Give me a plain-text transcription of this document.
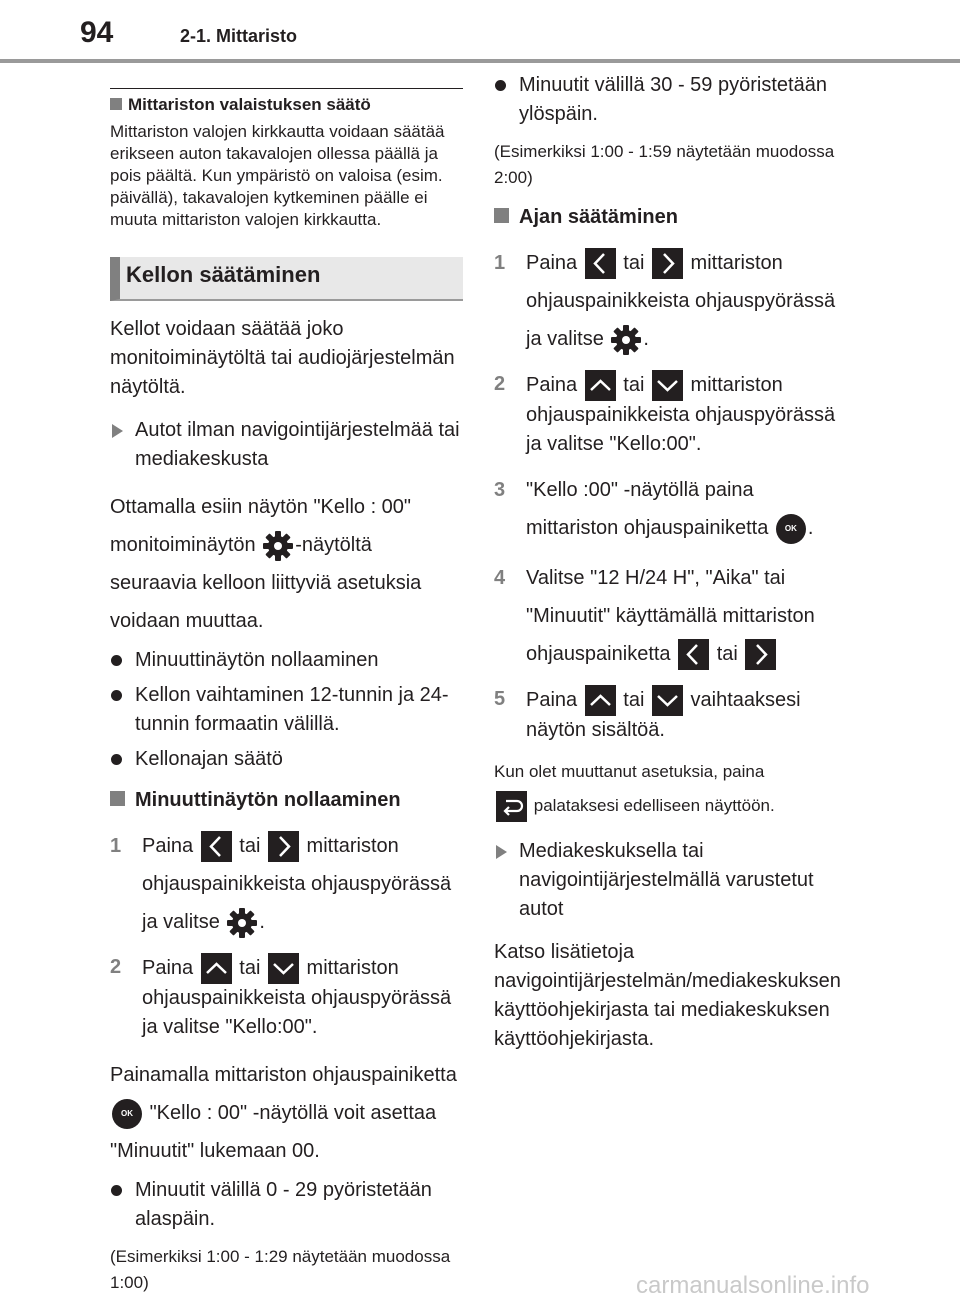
94	2-1. Mittaristo
Mittariston valaistuksen säätö

Mittariston valojen kirkkautta voidaan säätää erikseen auton takavalojen ollessa päällä ja pois päältä. Kun ympäristö on valoisa (esim. päivällä), takavalojen kytkeminen päälle ei muuta mittariston valojen kirkkautta.

Kellon säätäminen

Kellot voidaan säätää joko monitoiminäytöltä tai audiojärjestelmän näytöltä.

Autot ilman navigointijärjestelmää tai mediakeskusta

Ottamalla esiin näytön "Kello : 00" monitoiminäytön -näytöltä seuraavia kelloon liittyviä asetuksia voidaan muuttaa.

Minuuttinäytön nollaaminen
Kellon vaihtaminen 12-tunnin ja 24-tunnin formaatin välillä.
Kellonajan säätö
Minuuttinäytön nollaaminen
1 Paina tai mittariston ohjauspainikkeista ohjauspyörässä ja valitse .
2 Paina tai mittariston ohjauspainikkeista ohjauspyörässä ja valitse "Kello:00".

Painamalla mittariston ohjauspainiketta OK "Kello : 00" -näytöllä voit asettaa "Minuutit" lukemaan 00.

Minuutit välillä 0 - 29 pyöristetään alaspäin.
(Esimerkiksi 1:00 - 1:29 näytetään muodossa 1:00)
Minuutit välillä 30 - 59 pyöristetään ylöspäin.
(Esimerkiksi 1:00 - 1:59 näytetään muodossa 2:00)
Ajan säätäminen
1 Paina tai mittariston ohjauspainikkeista ohjauspyörässä ja valitse .
2 Paina tai mittariston ohjauspainikkeista ohjauspyörässä ja valitse "Kello:00".
3 "Kello :00" -näytöllä paina mittariston ohjauspainiketta OK .
4 Valitse "12 H/24 H", "Aika" tai "Minuutit" käyttämällä mittariston ohjauspainiketta tai
5 Paina tai vaihtaaksesi näytön sisältöä.
Kun olet muuttanut asetuksia, paina

palataksesi edelliseen näyttöön.
Mediakeskuksella tai navigointijärjestelmällä varustetut autot

Katso lisätietoja navigointijärjestelmän/mediakeskuksen käyttöohjekirjasta tai mediakeskuksen käyttöohjekirjasta.

carmanualsonline.info
